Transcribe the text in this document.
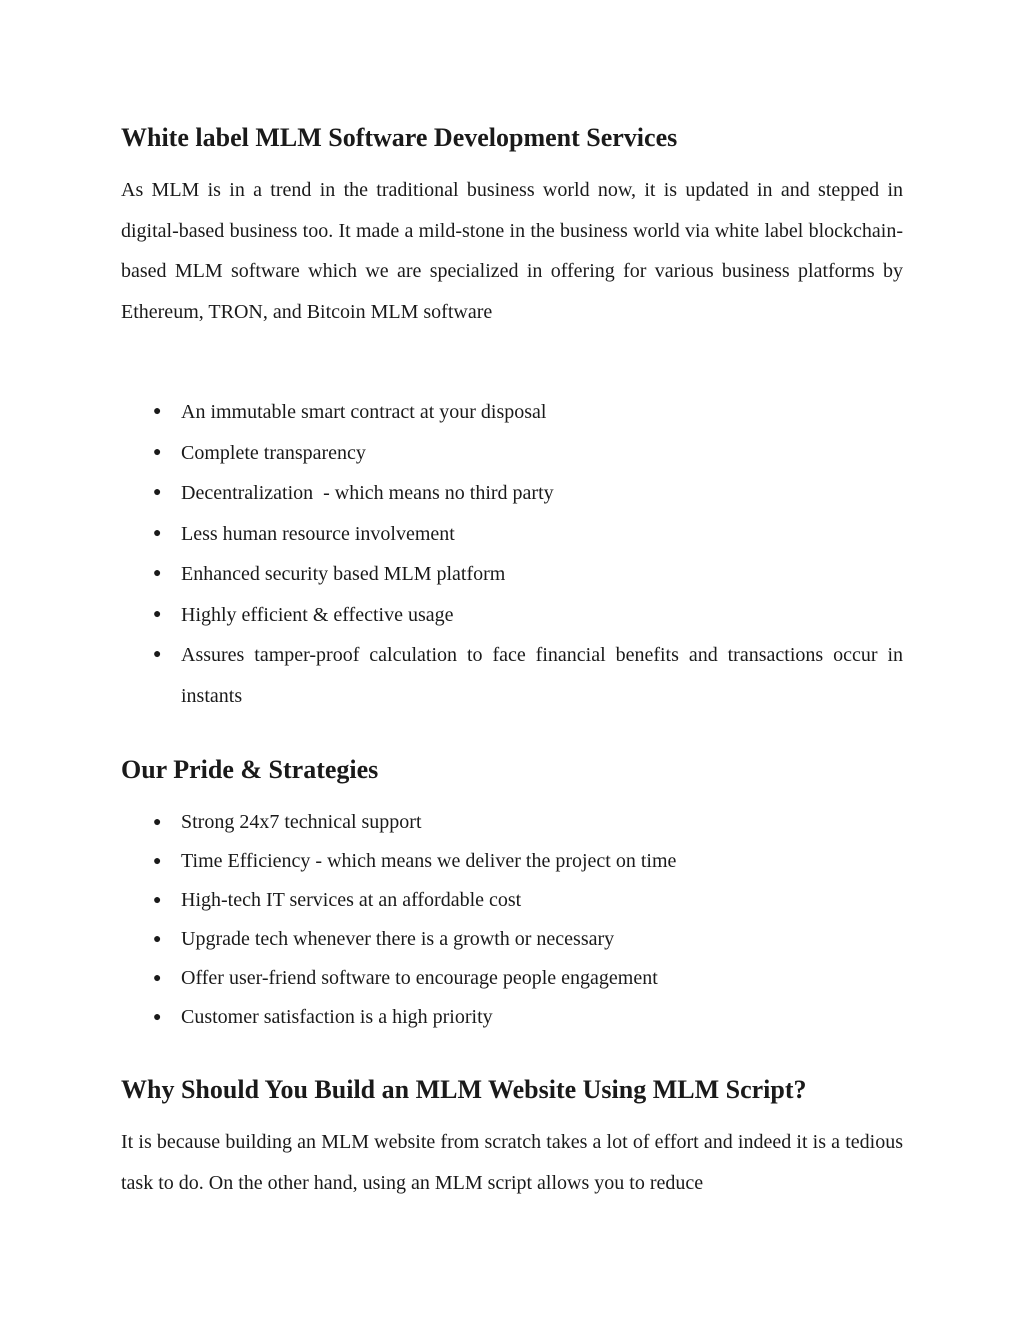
White label MLM Software Development Services

As MLM is in a trend in the traditional business world now, it is updated in and stepped in digital-based business too. It made a mild-stone in the business world via white label blockchain-based MLM software which we are specialized in offering for various business platforms by Ethereum, TRON, and Bitcoin MLM software

● An immutable smart contract at your disposal
● Complete transparency
● Decentralization  - which means no third party
● Less human resource involvement
● Enhanced security based MLM platform
● Highly efficient & effective usage
● Assures tamper-proof calculation to face financial benefits and transactions occur in instants
Our Pride & Strategies
● Strong 24x7 technical support
● Time Efficiency - which means we deliver the project on time
● High-tech IT services at an affordable cost
● Upgrade tech whenever there is a growth or necessary
● Offer user-friend software to encourage people engagement
● Customer satisfaction is a high priority
Why Should You Build an MLM Website Using MLM Script?

It is because building an MLM website from scratch takes a lot of effort and indeed it is a tedious task to do. On the other hand, using an MLM script allows you to reduce
